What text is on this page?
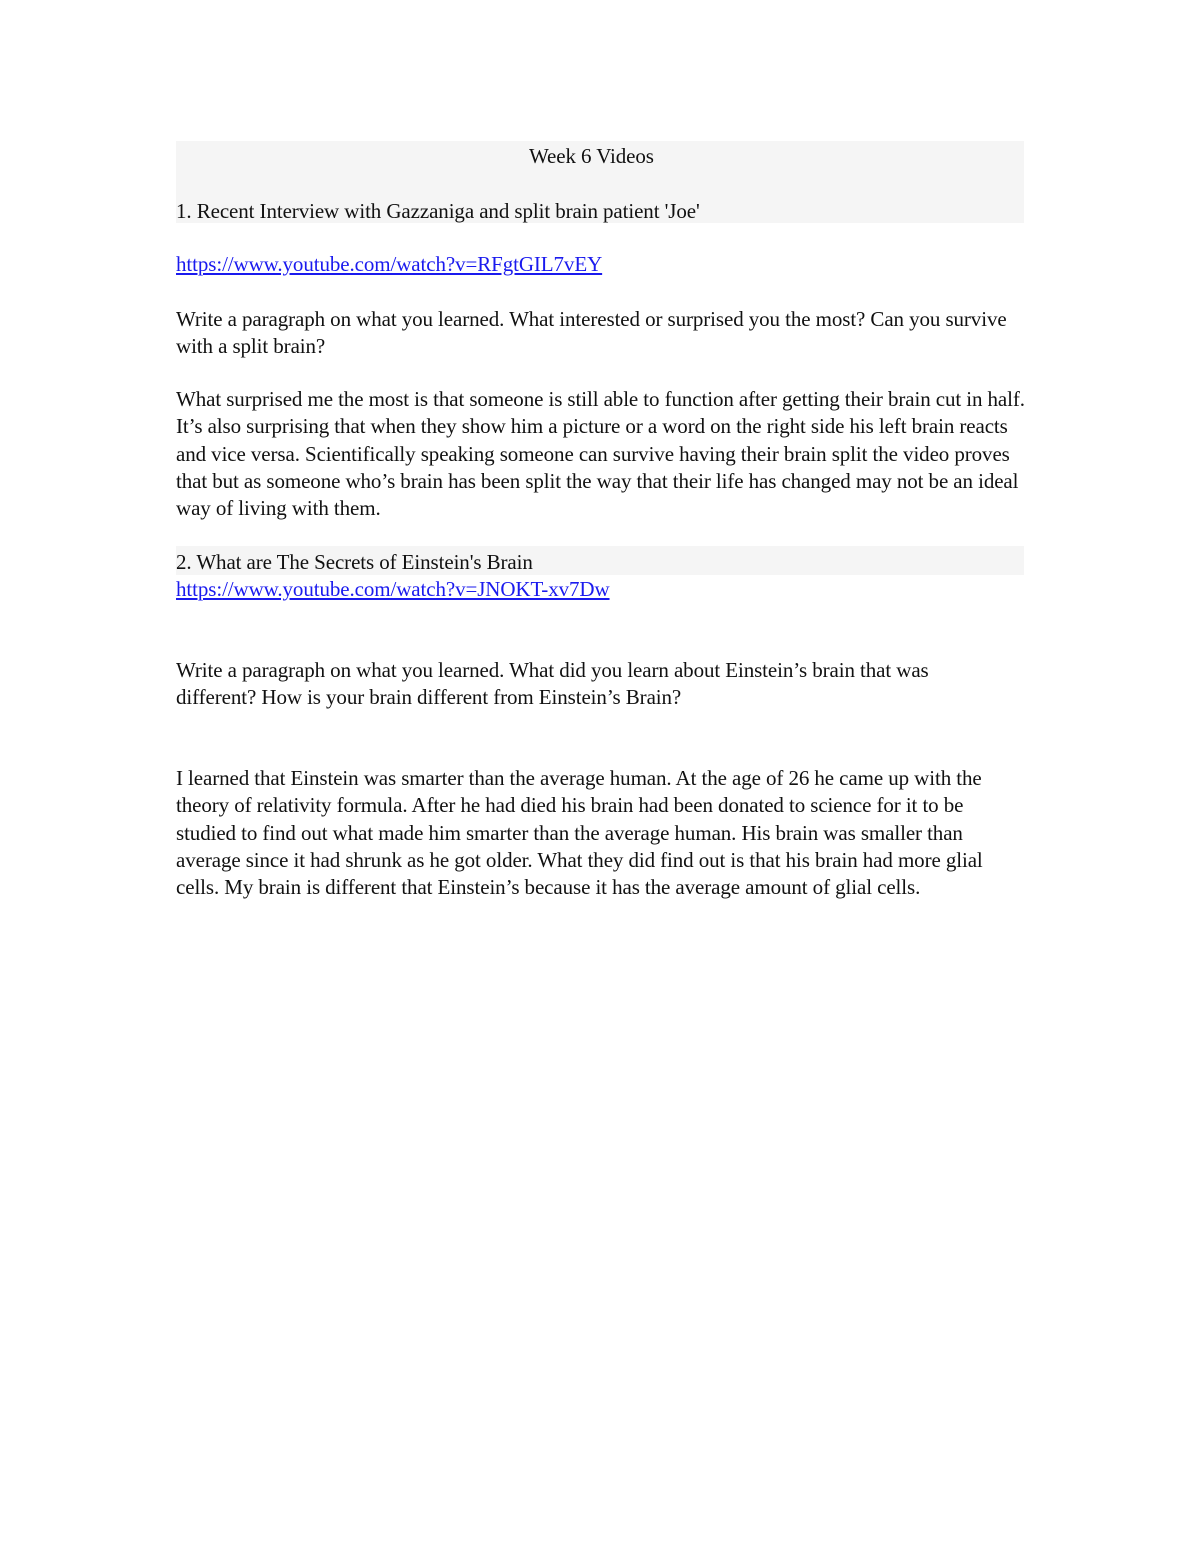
Week 6 Videos
1. Recent Interview with Gazzaniga and split brain patient 'Joe'
https://www.youtube.com/watch?v=RFgtGIL7vEY
Write a paragraph on what you learned. What interested or surprised you the most? Can you survive with a split brain?
What surprised me the most is that someone is still able to function after getting their brain cut in half. It’s also surprising that when they show him a picture or a word on the right side his left brain reacts and vice versa. Scientifically speaking someone can survive having their brain split the video proves that but as someone who’s brain has been split the way that their life has changed may not be an ideal way of living with them.
2. What are The Secrets of Einstein's Brain
https://www.youtube.com/watch?v=JNOKT-xv7Dw
Write a paragraph on what you learned. What did you learn about Einstein’s brain that was different? How is your brain different from Einstein’s Brain?
I learned that Einstein was smarter than the average human. At the age of 26 he came up with the theory of relativity formula. After he had died his brain had been donated to science for it to be studied to find out what made him smarter than the average human. His brain was smaller than average since it had shrunk as he got older. What they did find out is that his brain had more glial cells. My brain is different that Einstein’s because it has the average amount of glial cells.
